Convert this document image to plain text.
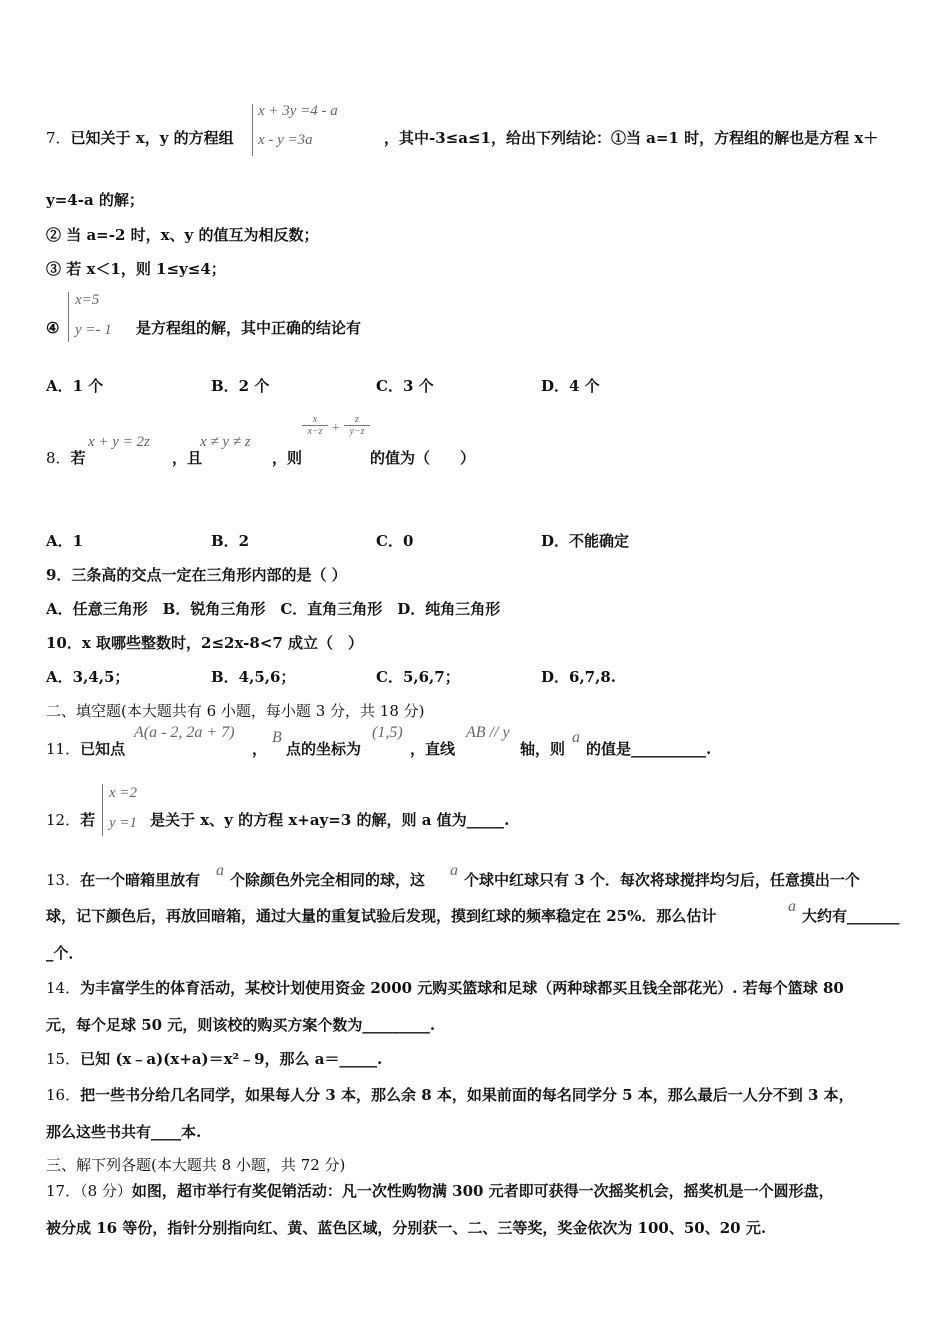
7．已知关于 x，y 的方程组
x + 3y =4 - a
x - y =3a	，其中-3≤a≤1，给出下列结论：①当 a=1 时，方程组的解也是方程 x＋
y=4-a 的解；
② 当 a=-2 时，x、y 的值互为相反数；
③ 若 x＜1，则 1≤y≤4；
④
x=5
y =- 1 是方程组的解，其中正确的结论有
A．1 个	B．2 个	C．3 个	D．4 个
8．若
x + y = 2z
，且
x ≠ y ≠ z
，则
$\frac{x}{x-z} + \frac{z}{y-z}$
的值为（　　）
A．1	B．2	C．0	D．不能确定
9．三条高的交点一定在三角形内部的是（ ）
A．任意三角形　B．锐角三角形　C．直角三角形　D．纯角三角形
10．x 取哪些整数时，2≤2x-8<7 成立（　）
A．3,4,5；	B．4,5,6；	C．5,6,7；	D．6,7,8.
二、填空题(本大题共有 6 小题，每小题 3 分，共 18 分)
11．已知点
A(a - 2, 2a + 7)
，
B
点的坐标为
(1,5)
，直线
AB // y
轴，则
a
的值是__________.
12．若
x =2
y =1 是关于 x、y 的方程 x+ay=3 的解，则 a 值为_____.
13．在一个暗箱里放有
a
个除颜色外完全相同的球，这
a
个球中红球只有 3 个．每次将球搅拌均匀后，任意摸出一个
球，记下颜色后，再放回暗箱，通过大量的重复试验后发现，摸到红球的频率稳定在 25%．那么估计
a
大约有_______
_个．
14．为丰富学生的体育活动，某校计划使用资金 2000 元购买篮球和足球（两种球都买且钱全部花光）. 若每个篮球 80
元，每个足球 50 元，则该校的购买方案个数为_________.
15．已知 (x﹣a)(x+a)＝x²﹣9，那么 a＝_____.
16．把一些书分给几名同学，如果每人分 3 本，那么余 8 本，如果前面的每名同学分 5 本，那么最后一人分不到 3 本，
那么这些书共有____本.
三、解下列各题(本大题共 8 小题，共 72 分)
17．（8 分）如图，超市举行有奖促销活动：凡一次性购物满 300 元者即可获得一次摇奖机会，摇奖机是一个圆形盘，
被分成 16 等份，指针分别指向红、黄、蓝色区域，分别获一、二、三等奖，奖金依次为 100、50、20 元.
